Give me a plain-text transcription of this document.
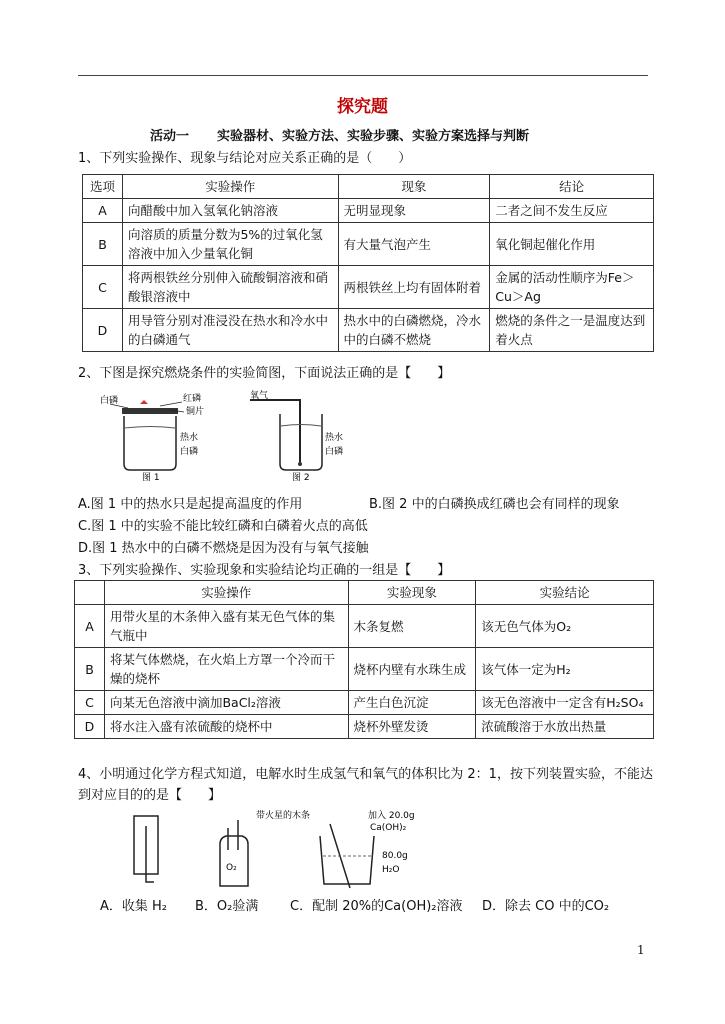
探究题
活动一 实验器材、实验方法、实验步骤、实验方案选择与判断
1、下列实验操作、现象与结论对应关系正确的是（　　）
选项	实验操作	现象	结论
A	向醋酸中加入氢氧化钠溶液	无明显现象	二者之间不发生反应
B	向溶质的质量分数为5%的过氧化氢溶液中加入少量氧化铜	有大量气泡产生	氧化铜起催化作用
C	将两根铁丝分别伸入硫酸铜溶液和硝酸银溶液中	两根铁丝上均有固体附着	金属的活动性顺序为Fe＞Cu＞Ag
D	用导管分别对准浸没在热水和冷水中的白磷通气	热水中的白磷燃烧，冷水中的白磷不燃烧	燃烧的条件之一是温度达到着火点
2、下图是探究燃烧条件的实验简图，下面说法正确的是【　　】
白磷	红磷
铜片
热水
白磷
图 1
氧气
热水
白磷
图 2
A.图 1 中的热水只是起提高温度的作用	B.图 2 中的白磷换成红磷也会有同样的现象
C.图 1 中的实验不能比较红磷和白磷着火点的高低
D.图 1 热水中的白磷不燃烧是因为没有与氧气接触
3、下列实验操作、实验现象和实验结论均正确的一组是【　　】
	实验操作	实验现象	实验结论
A	用带火星的木条伸入盛有某无色气体的集气瓶中	木条复燃	该无色气体为O₂
B	将某气体燃烧，在火焰上方罩一个冷而干燥的烧杯	烧杯内壁有水珠生成	该气体一定为H₂
C	向某无色溶液中滴加BaCl₂溶液	产生白色沉淀	该无色溶液中一定含有H₂SO₄
D	将水注入盛有浓硫酸的烧杯中	烧杯外壁发烫	浓硫酸溶于水放出热量
4、小明通过化学方程式知道，电解水时生成氢气和氧气的体积比为 2：1，按下列装置实验，不能达到对应目的的是【　　】
O₂
带火星的木条	加入 20.0g
Ca(OH)₂
80.0g
H₂O
A．收集 H₂ B．O₂验满 C．配制 20%的Ca(OH)₂溶液 D．除去 CO 中的CO₂
1
